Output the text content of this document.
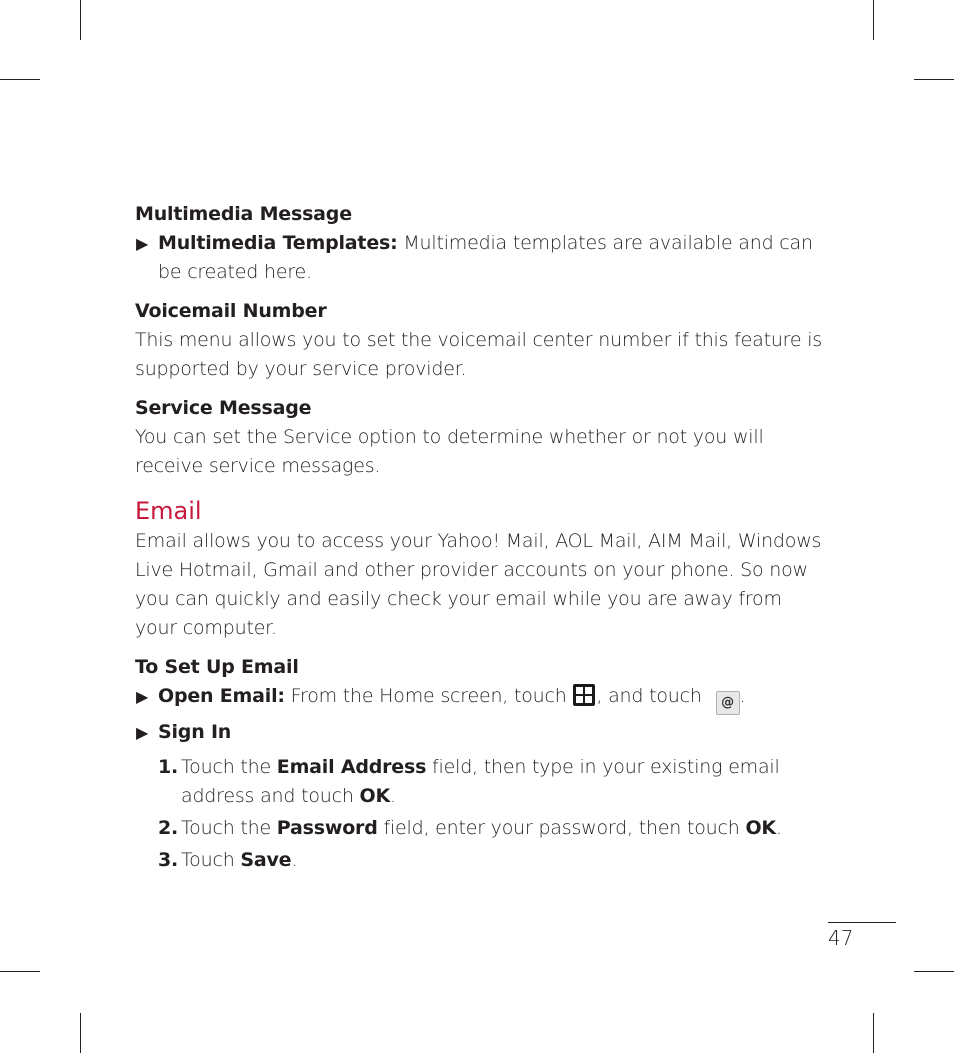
Multimedia Message
▶ Multimedia Templates: Multimedia templates are available and can be created here.
Voicemail Number
This menu allows you to set the voicemail center number if this feature is supported by your service provider.
Service Message
You can set the Service option to determine whether or not you will
receive service messages.
Email
Email allows you to access your Yahoo! Mail, AOL Mail, AIM Mail, Windows Live Hotmail, Gmail and other provider accounts on your phone. So now you can quickly and easily check your email while you are away from your computer.
To Set Up Email
▶ Open Email: From the Home screen, touch
, and touch @ .
▶ Sign In
1. Touch the Email Address field, then type in your existing email address and touch OK.
2. Touch the Password field, enter your password, then touch OK.
3. Touch Save.
47
